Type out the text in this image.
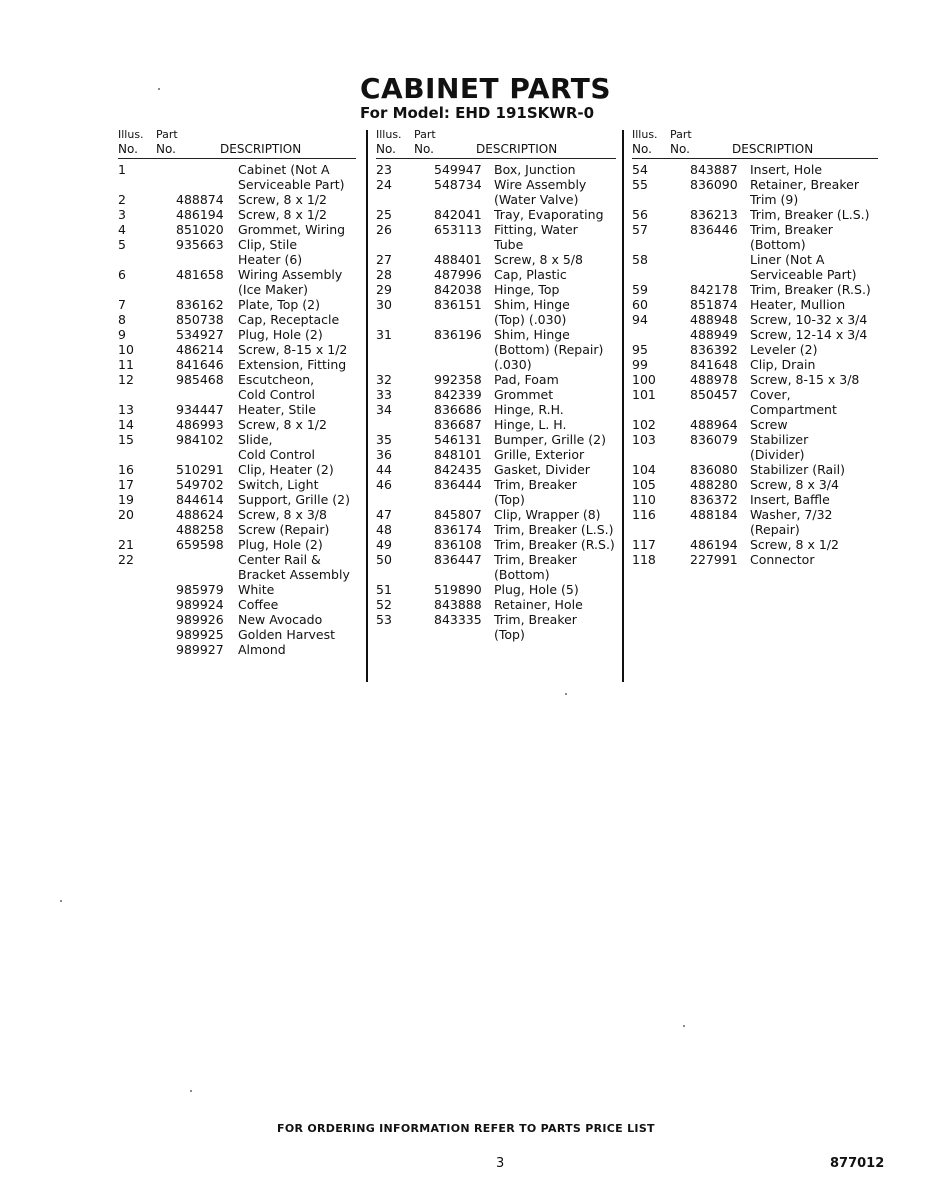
CABINET PARTS
For Model: EHD 191SKWR-0
Illus. Part
No. No.	DESCRIPTION
1	Cabinet (Not A
Serviceable Part)
2	488874 Screw, 8 x 1/2
3	486194 Screw, 8 x 1/2
4	851020 Grommet, Wiring
5	935663 Clip, Stile
Heater (6)
6	481658 Wiring Assembly
(Ice Maker)
7	836162 Plate, Top (2)
8	850738 Cap, Receptacle
9	534927 Plug, Hole (2)
10	486214 Screw, 8-15 x 1/2
11	841646 Extension, Fitting
12	985468 Escutcheon,
Cold Control
13	934447 Heater, Stile
14	486993 Screw, 8 x 1/2
15	984102 Slide,
Cold Control
16	510291 Clip, Heater (2)
17	549702 Switch, Light
19	844614 Support, Grille (2)
20	488624 Screw, 8 x 3/8
488258 Screw (Repair)
21	659598 Plug, Hole (2)
22	Center Rail &
Bracket Assembly
985979 White
989924 Coffee
989926 New Avocado
989925 Golden Harvest
989927 Almond
Illus. Part
No. No.	DESCRIPTION
23	549947 Box, Junction
24	548734 Wire Assembly
(Water Valve)
25	842041 Tray, Evaporating
26	653113 Fitting, Water
Tube
27	488401 Screw, 8 x 5/8
28	487996 Cap, Plastic
29	842038 Hinge, Top
30	836151 Shim, Hinge
(Top) (.030)
31	836196 Shim, Hinge
(Bottom) (Repair)
(.030)
32	992358 Pad, Foam
33	842339 Grommet
34	836686 Hinge, R.H.
836687 Hinge, L. H.
35	546131 Bumper, Grille (2)
36	848101 Grille, Exterior
44	842435 Gasket, Divider
46	836444 Trim, Breaker
(Top)
47	845807 Clip, Wrapper (8)
48	836174 Trim, Breaker (L.S.)
49	836108 Trim, Breaker (R.S.)
50	836447 Trim, Breaker
(Bottom)
51	519890 Plug, Hole (5)
52	843888 Retainer, Hole
53	843335 Trim, Breaker
(Top)
Illus. Part
No. No.	DESCRIPTION
54	843887 Insert, Hole
55	836090 Retainer, Breaker
Trim (9)
56	836213 Trim, Breaker (L.S.)
57	836446 Trim, Breaker
(Bottom)
58	Liner (Not A
Serviceable Part)
59	842178 Trim, Breaker (R.S.)
60	851874 Heater, Mullion
94	488948 Screw, 10-32 x 3/4
488949 Screw, 12-14 x 3/4
95	836392 Leveler (2)
99	841648 Clip, Drain
100	488978 Screw, 8-15 x 3/8
101	850457 Cover,
Compartment
102	488964 Screw
103	836079 Stabilizer
(Divider)
104	836080 Stabilizer (Rail)
105	488280 Screw, 8 x 3/4
110	836372 Insert, Baffle
116	488184 Washer, 7/32
(Repair)
117	486194 Screw, 8 x 1/2
118	227991 Connector

FOR ORDERING INFORMATION REFER TO PARTS PRICE LIST

3	877012
